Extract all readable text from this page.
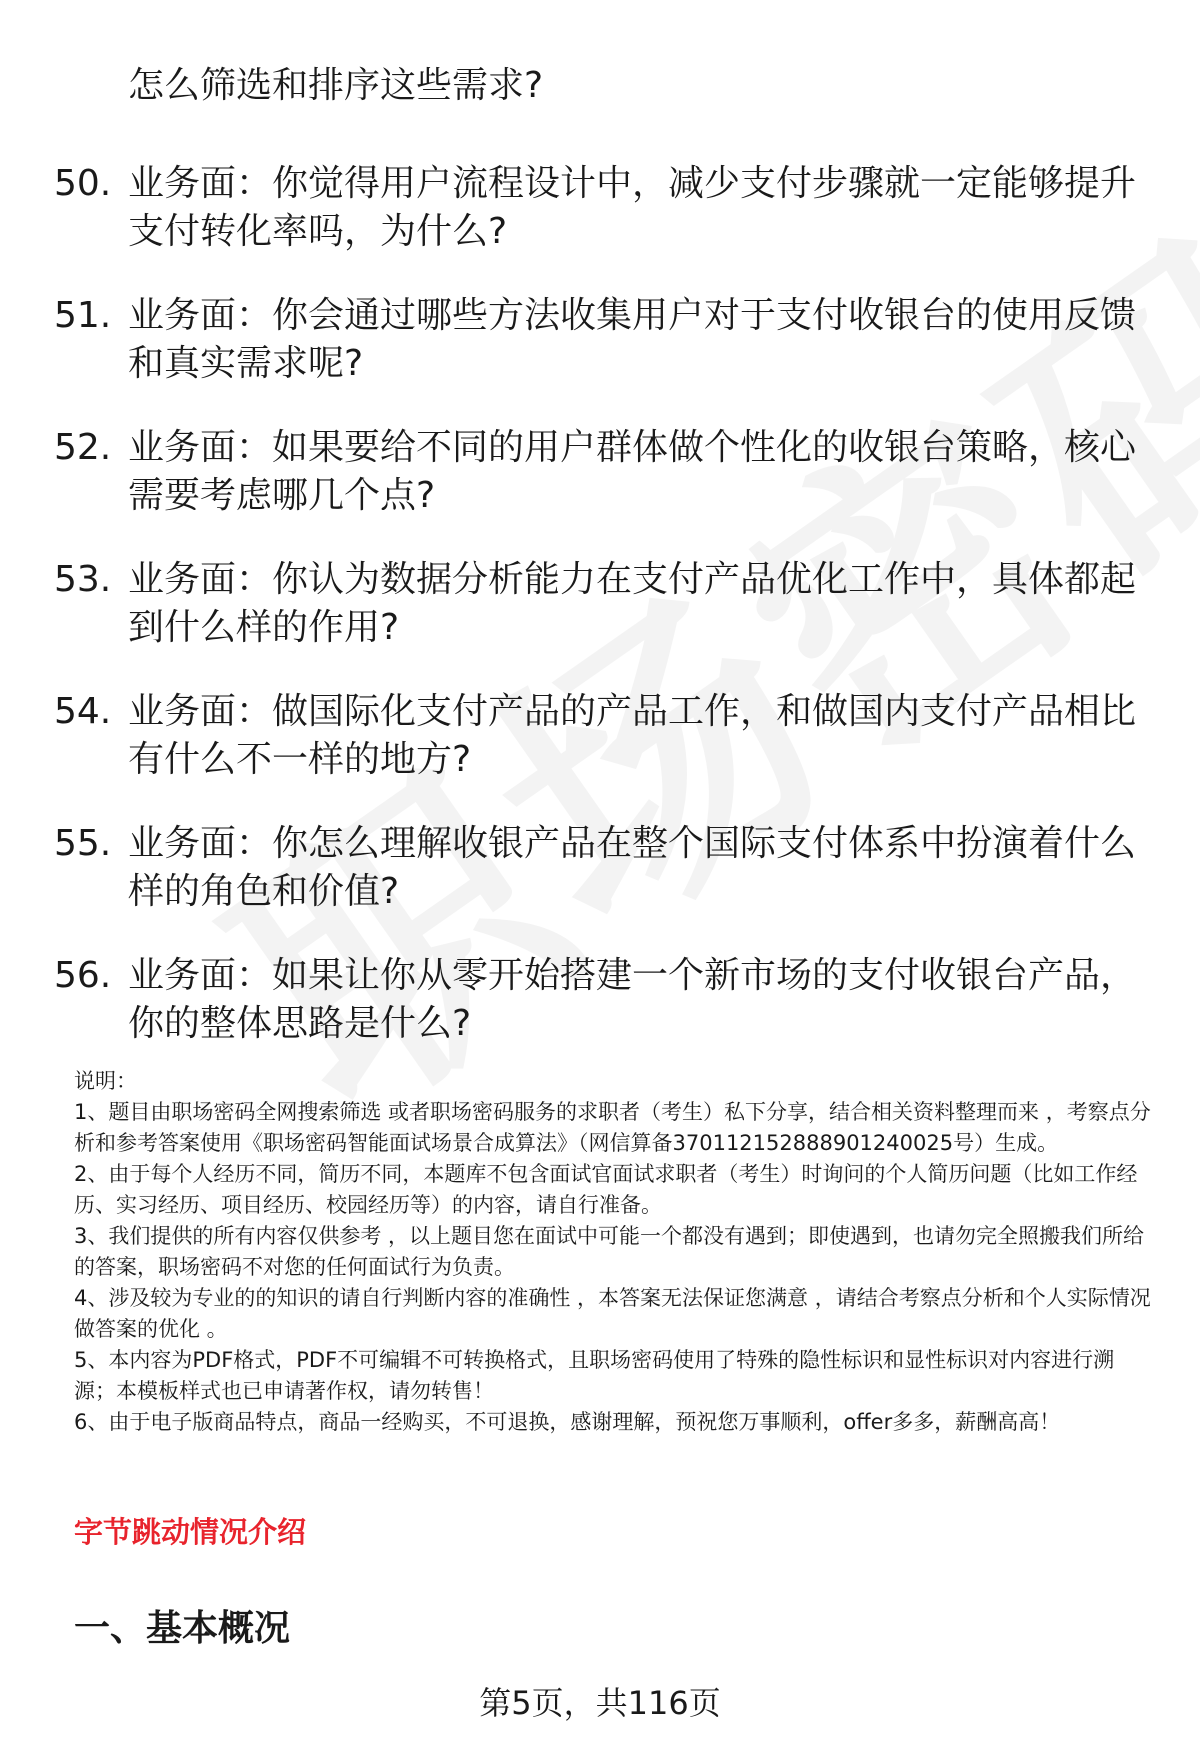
怎么筛选和排序这些需求?
50. 业务面：你觉得用户流程设计中，减少支付步骤就一定能够提升支付转化率吗，为什么?
51. 业务面：你会通过哪些方法收集用户对于支付收银台的使用反馈和真实需求呢?
52. 业务面：如果要给不同的用户群体做个性化的收银台策略，核心需要考虑哪几个点?
53. 业务面：你认为数据分析能力在支付产品优化工作中，具体都起到什么样的作用?
54. 业务面：做国际化支付产品的产品工作，和做国内支付产品相比有什么不一样的地方?
55. 业务面：你怎么理解收银产品在整个国际支付体系中扮演着什么样的角色和价值?
56. 业务面：如果让你从零开始搭建一个新市场的支付收银台产品，你的整体思路是什么?

说明：

1、题目由职场密码全网搜索筛选 或者职场密码服务的求职者（考生）私下分享，结合相关资料整理而来 ，考察点分析和参考答案使用《职场密码智能面试场景合成算法》（网信算备370112152888901240025号）生成。

2、由于每个人经历不同，简历不同，本题库不包含面试官面试求职者（考生）时询问的个人简历问题（比如工作经历、实习经历、项目经历、校园经历等）的内容，请自行准备。

3、我们提供的所有内容仅供参考 ，以上题目您在面试中可能一个都没有遇到；即使遇到，也请勿完全照搬我们所给的答案，职场密码不对您的任何面试行为负责。

4、涉及较为专业的的知识的请自行判断内容的准确性 ，本答案无法保证您满意 ，请结合考察点分析和个人实际情况做答案的优化 。

5、本内容为PDF格式，PDF不可编辑不可转换格式，且职场密码使用了特殊的隐性标识和显性标识对内容进行溯源；本模板样式也已申请著作权，请勿转售！

6、由于电子版商品特点，商品一经购买，不可退换，感谢理解，预祝您万事顺利，offer多多，薪酬高高！

字节跳动情况介绍
一、基本概况
第5页，共116页
